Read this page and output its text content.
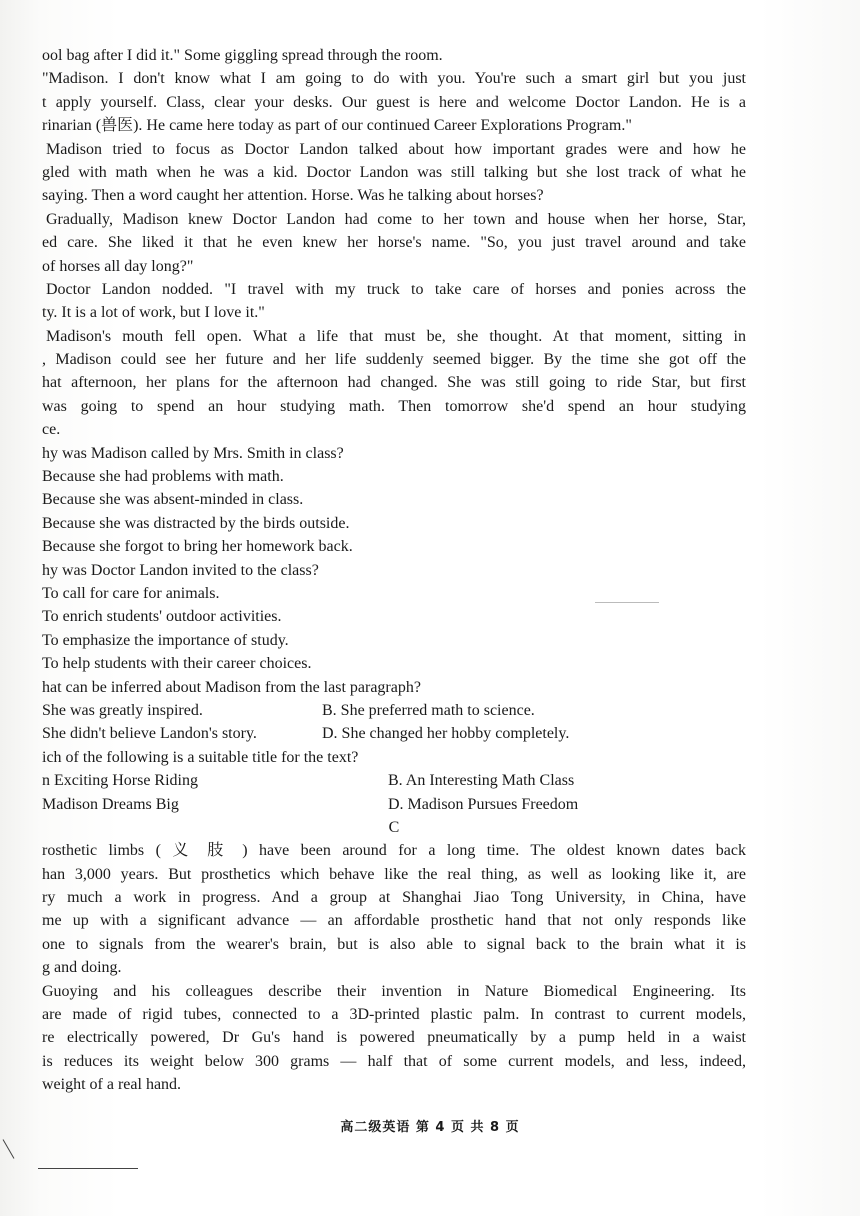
ool bag after I did it." Some giggling spread through the room.
"Madison. I don't know what I am going to do with you. You're such a smart girl but you just
t apply yourself. Class, clear your desks. Our guest is here and welcome Doctor Landon. He is a
rinarian (兽医). He came here today as part of our continued Career Explorations Program."
Madison tried to focus as Doctor Landon talked about how important grades were and how he
gled with math when he was a kid. Doctor Landon was still talking but she lost track of what he
saying. Then a word caught her attention. Horse. Was he talking about horses?
Gradually, Madison knew Doctor Landon had come to her town and house when her horse, Star,
ed care. She liked it that he even knew her horse's name. "So, you just travel around and take
of horses all day long?"
Doctor Landon nodded. "I travel with my truck to take care of horses and ponies across the
ty. It is a lot of work, but I love it."
Madison's mouth fell open. What a life that must be, she thought. At that moment, sitting in
, Madison could see her future and her life suddenly seemed bigger. By the time she got off the
hat afternoon, her plans for the afternoon had changed. She was still going to ride Star, but first
was going to spend an hour studying math. Then tomorrow she'd spend an hour studying
ce.
hy was Madison called by Mrs. Smith in class?
Because she had problems with math.
Because she was absent-minded in class.
Because she was distracted by the birds outside.
Because she forgot to bring her homework back.
hy was Doctor Landon invited to the class?
To call for care for animals.
To enrich students' outdoor activities.
To emphasize the importance of study.
To help students with their career choices.
hat can be inferred about Madison from the last paragraph?
She was greatly inspired.	B. She preferred math to science.
She didn't believe Landon's story.	D. She changed her hobby completely.
ich of the following is a suitable title for the text?
n Exciting Horse Riding	B. An Interesting Math Class
Madison Dreams Big	D. Madison Pursues Freedom
C
rosthetic limbs ( 义 肢 ) have been around for a long time. The oldest known dates back
han 3,000 years. But prosthetics which behave like the real thing, as well as looking like it, are
ry much a work in progress. And a group at Shanghai Jiao Tong University, in China, have
me up with a significant advance — an affordable prosthetic hand that not only responds like
one to signals from the wearer's brain, but is also able to signal back to the brain what it is
g and doing.
Guoying and his colleagues describe their invention in Nature Biomedical Engineering. Its
are made of rigid tubes, connected to a 3D-printed plastic palm. In contrast to current models,
re electrically powered, Dr Gu's hand is powered pneumatically by a pump held in a waist
is reduces its weight below 300 grams — half that of some current models, and less, indeed,
weight of a real hand.
高二级英语 第 4 页 共 8 页
